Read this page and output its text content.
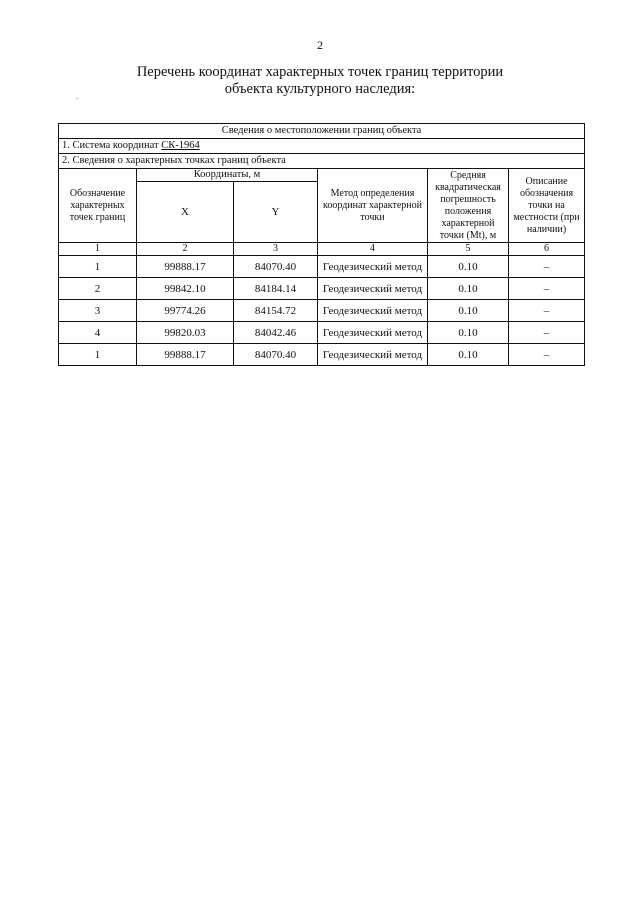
2
Перечень координат характерных точек границ территории
объекта культурного наследия:
Сведения о местоположении границ объекта					
1. Система координат СК-1964					
2. Сведения о характерных точках границ объекта					
Обозначение характерных точек границ	Координаты, м		Метод определения координат характерной точки	Средняя квадратическая погрешность положения характерной точки (Mt), м	Описание обозначения точки на местности (при наличии)
	X	Y			
1	2	3	4	5	6
1	99888.17	84070.40	Геодезический метод	0.10	–
2	99842.10	84184.14	Геодезический метод	0.10	–
3	99774.26	84154.72	Геодезический метод	0.10	–
4	99820.03	84042.46	Геодезический метод	0.10	–
1	99888.17	84070.40	Геодезический метод	0.10	–
